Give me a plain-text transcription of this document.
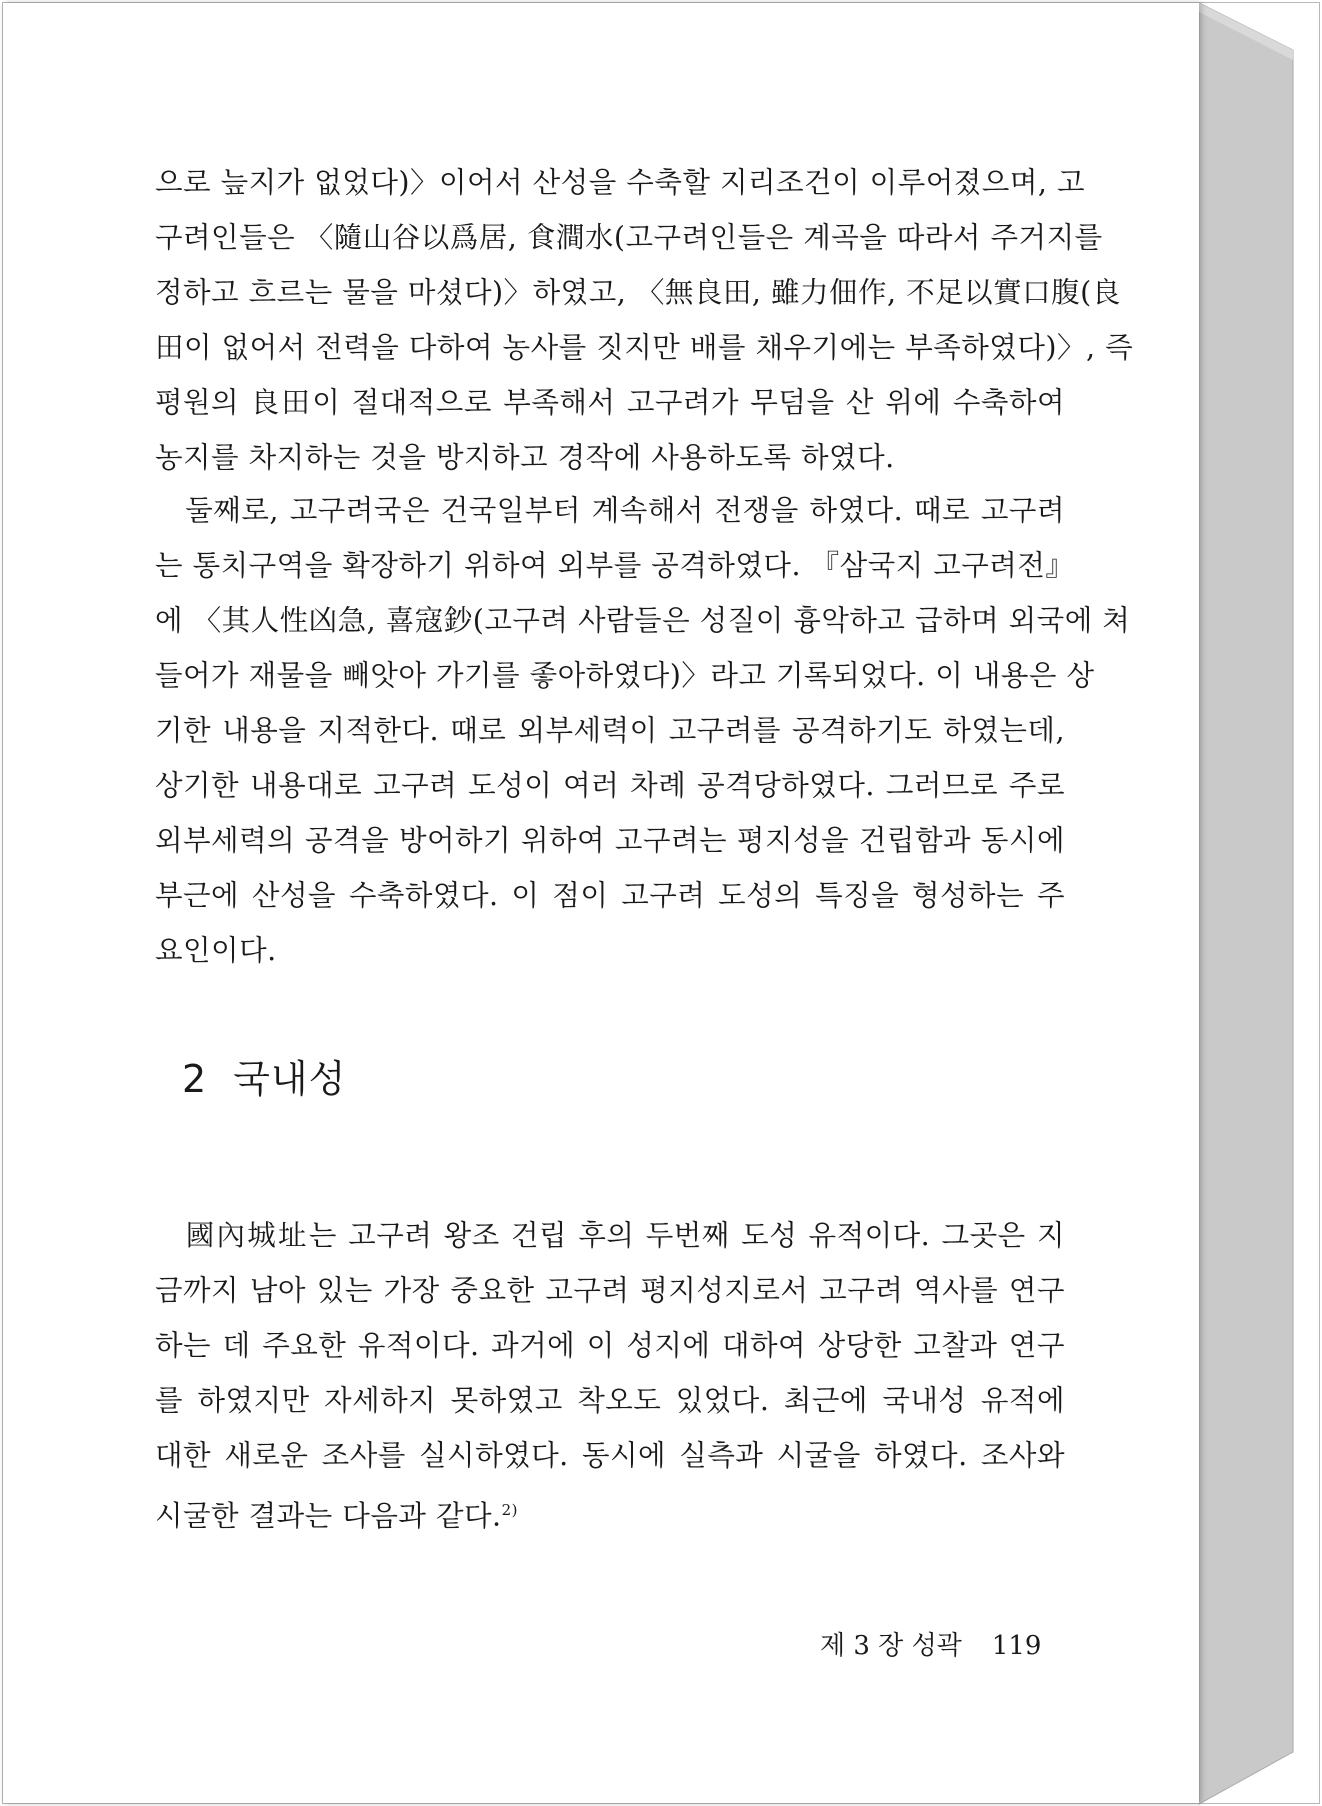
으로 늪지가 없었다)〉이어서 산성을 수축할 지리조건이 이루어졌으며, 고
구려인들은 〈隨山谷以爲居, 食澗水(고구려인들은 계곡을 따라서 주거지를
정하고 흐르는 물을 마셨다)〉하였고, 〈無良田, 雖力佃作, 不足以實口腹(良
田이 없어서 전력을 다하여 농사를 짓지만 배를 채우기에는 부족하였다)〉, 즉
평원의 良田이 절대적으로 부족해서 고구려가 무덤을 산 위에 수축하여
농지를 차지하는 것을 방지하고 경작에 사용하도록 하였다.
　둘째로, 고구려국은 건국일부터 계속해서 전쟁을 하였다. 때로 고구려
는 통치구역을 확장하기 위하여 외부를 공격하였다. 『삼국지 고구려전』
에 〈其人性凶急, 喜寇鈔(고구려 사람들은 성질이 흉악하고 급하며 외국에 쳐
들어가 재물을 빼앗아 가기를 좋아하였다)〉라고 기록되었다. 이 내용은 상
기한 내용을 지적한다. 때로 외부세력이 고구려를 공격하기도 하였는데,
상기한 내용대로 고구려 도성이 여러 차례 공격당하였다. 그러므로 주로
외부세력의 공격을 방어하기 위하여 고구려는 평지성을 건립함과 동시에
부근에 산성을 수축하였다. 이 점이 고구려 도성의 특징을 형성하는 주
요인이다.
2 국내성
　國內城址는 고구려 왕조 건립 후의 두번째 도성 유적이다. 그곳은 지
금까지 남아 있는 가장 중요한 고구려 평지성지로서 고구려 역사를 연구
하는 데 주요한 유적이다. 과거에 이 성지에 대하여 상당한 고찰과 연구
를 하였지만 자세하지 못하였고 착오도 있었다. 최근에 국내성 유적에
대한 새로운 조사를 실시하였다. 동시에 실측과 시굴을 하였다. 조사와
시굴한 결과는 다음과 같다.$^{2)}$
제 3 장 성곽 119
